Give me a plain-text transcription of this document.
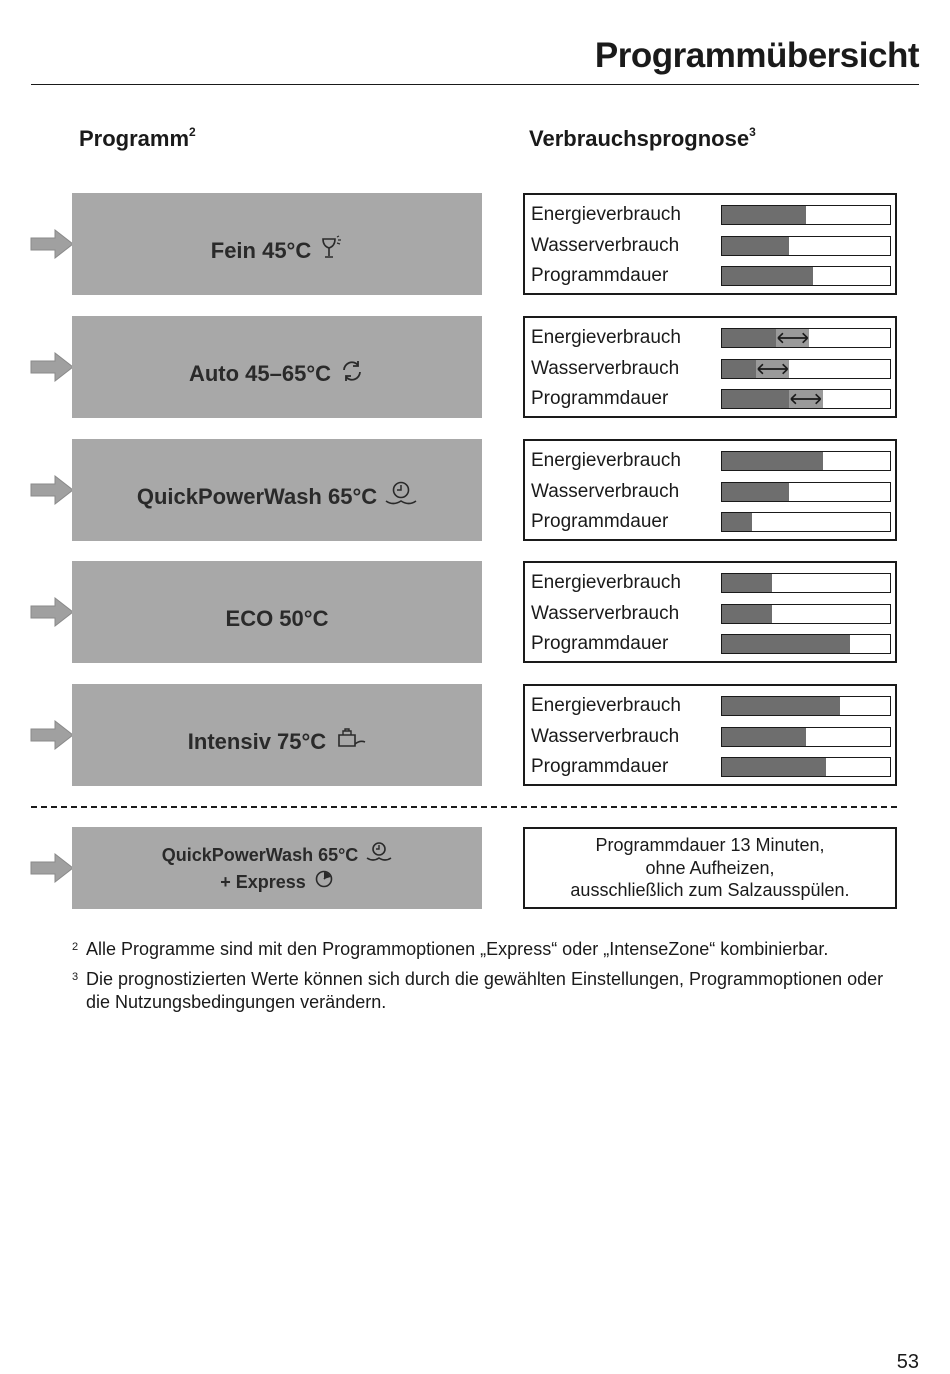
Programmübersicht
Programm$^2$	Verbrauchsprognose$^3$
Fein 45°C
Energieverbrauch
Wasserverbrauch
Programmdauer
Auto 45–65°C
Energieverbrauch
Wasserverbrauch
Programmdauer
QuickPowerWash 65°C
Energieverbrauch
Wasserverbrauch
Programmdauer
ECO 50°C
Energieverbrauch
Wasserverbrauch
Programmdauer
Intensiv 75°C
Energieverbrauch
Wasserverbrauch
Programmdauer
QuickPowerWash 65°C
+ Express
Programmdauer 13 Minuten,
ohne Aufheizen,
ausschließlich zum Salzausspülen.
2 Alle Programme sind mit den Programmoptionen „Express“ oder „IntenseZone“ kombinierbar.
3 Die prognostizierten Werte können sich durch die gewählten Einstellungen, Programmoptionen oder die Nutzungsbedingungen verändern.
53
